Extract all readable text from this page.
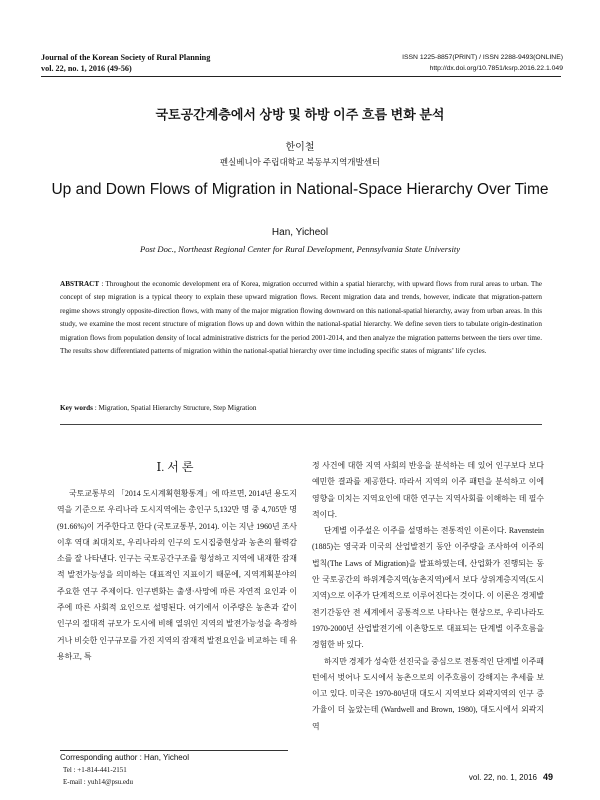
Journal of the Korean Society of Rural Planning
vol. 22, no. 1, 2016 (49-56)
ISSN 1225-8857(PRINT) / ISSN 2288-9493(ONLINE)
http://dx.doi.org/10.7851/ksrp.2016.22.1.049
국토공간계층에서 상방 및 하방 이주 흐름 변화 분석
한이철
펜실베니아 주립대학교 북동부지역개발센터
Up and Down Flows of Migration in National-Space Hierarchy Over Time
Han, Yicheol
Post Doc., Northeast Regional Center for Rural Development, Pennsylvania State University
ABSTRACT : Throughout the economic development era of Korea, migration occurred within a spatial hierarchy, with upward flows from rural areas to urban. The concept of step migration is a typical theory to explain these upward migration flows. Recent migration data and trends, however, indicate that migration-pattern regime shows strongly opposite-direction flows, with many of the major migration flowing downward on this national-spatial hierarchy, away from urban areas. In this study, we examine the most recent structure of migration flows up and down within the national-spatial hierarchy. We define seven tiers to tabulate origin-destination migration flows from population density of local administrative districts for the period 2001-2014, and then analyze the migration patterns between the tiers over time. The results show differentiated patterns of migration within the national-spatial hierarchy over time including specific states of migrants’ life cycles.
Key words : Migration, Spatial Hierarchy Structure, Step Migration
Ⅰ. 서 론

국토교통부의 「2014 도시계획현황통계」에 따르면, 2014년 용도지역을 기준으로 우리나라 도시지역에는 총인구 5,132만 명 중 4,705만 명(91.66%)이 거주한다고 한다 (국토교통부, 2014). 이는 지난 1960년 조사 이후 역대 최대치로, 우리나라의 인구의 도시집중현상과 농촌의 활력감소를 잘 나타낸다. 인구는 국토공간구조를 형성하고 지역에 내재한 잠재적 발전가능성을 의미하는 대표적인 지표이기 때문에, 지역계획분야의 주요한 연구 주제이다. 인구변화는 출생·사망에 따른 자연적 요인과 이주에 따른 사회적 요인으로 설명된다. 여기에서 이주량은 농촌과 같이 인구의 절대적 규모가 도시에 비해 열위인 지역의 발전가능성을 측정하거나 비슷한 인구규모를 가진 지역의 잠재적 발전요인을 비교하는 데 유용하고, 특

정 사건에 대한 지역 사회의 반응을 분석하는 데 있어 인구보다 보다 예민한 결과를 제공한다. 따라서 지역의 이주 패턴을 분석하고 이에 영향을 미치는 지역요인에 대한 연구는 지역사회를 이해하는 데 필수적이다.

단계별 이주설은 이주를 설명하는 전통적인 이론이다. Ravenstein (1885)는 영국과 미국의 산업발전기 동안 이주량을 조사하여 이주의 법칙(The Laws of Migration)을 발표하였는데, 산업화가 진행되는 동안 국토공간의 하위계층지역(농촌지역)에서 보다 상위계층지역(도시지역)으로 이주가 단계적으로 이루어진다는 것이다. 이 이론은 경제발전기간동안 전 세계에서 공통적으로 나타나는 현상으로, 우리나라도 1970-2000년 산업발전기에 이촌향도로 대표되는 단계별 이주흐름을 경험한 바 있다.

하지만 경제가 성숙한 선진국을 중심으로 전통적인 단계별 이주패턴에서 벗어나 도시에서 농촌으로의 이주흐름이 강해지는 추세를 보이고 있다. 미국은 1970-80년대 대도시 지역보다 외곽지역의 인구 증가율이 더 높았는데 (Wardwell and Brown, 1980), 대도시에서 외곽지역

Corresponding author : Han, Yicheol
Tel : +1-814-441-2151
E-mail : yuh14@psu.edu	vol. 22, no. 1, 2016 49
